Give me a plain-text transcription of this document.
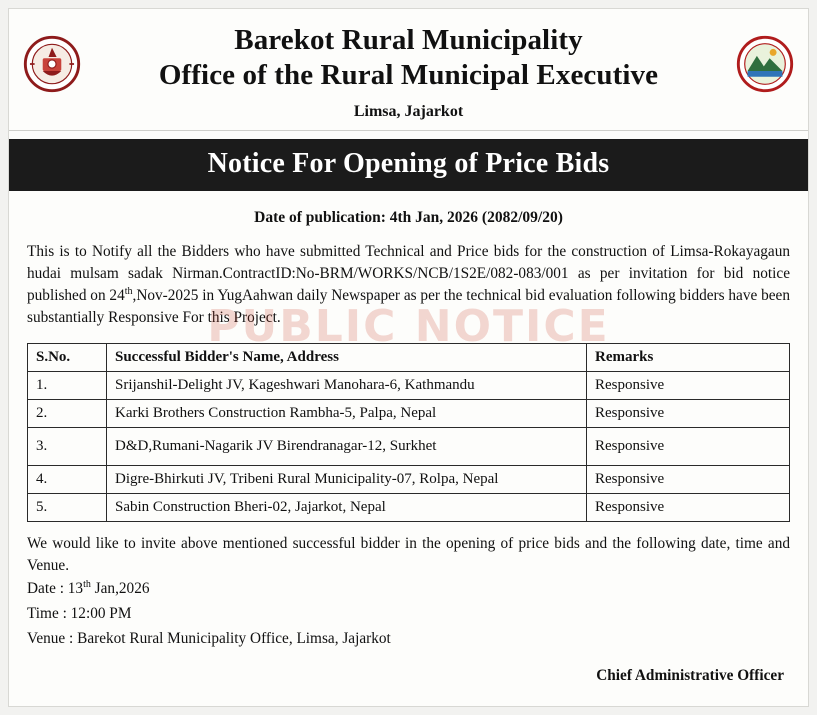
Barekot Rural Municipality
Office of the Rural Municipal Executive
Limsa, Jajarkot
Notice For Opening of Price Bids
PUBLIC NOTICE
Date of publication: 4th Jan, 2026 (2082/09/20)
This is to Notify all the Bidders who have submitted Technical and Price bids for the construction of Limsa-Rokayagaun hudai mulsam sadak Nirman.ContractID:No-BRM/WORKS/NCB/1S2E/082-083/001 as per invitation for bid notice published on 24th,Nov-2025 in YugAahwan daily Newspaper as per the technical bid evaluation following bidders have been substantially Responsive For this Project.
S.No.	Successful Bidder's Name, Address	Remarks
1.	Srijanshil-Delight JV, Kageshwari Manohara-6, Kathmandu	Responsive
2.	Karki Brothers Construction Rambha-5, Palpa, Nepal	Responsive
3.	D&D,Rumani-Nagarik JV Birendranagar-12, Surkhet	Responsive
4.	Digre-Bhirkuti JV, Tribeni Rural Municipality-07, Rolpa, Nepal	Responsive
5.	Sabin Construction Bheri-02, Jajarkot, Nepal	Responsive
We would like to invite above mentioned successful bidder in the opening of price bids and the following date, time and Venue.
Date : 13th Jan,2026
Time : 12:00 PM
Venue : Barekot Rural Municipality Office, Limsa, Jajarkot
Chief Administrative Officer
